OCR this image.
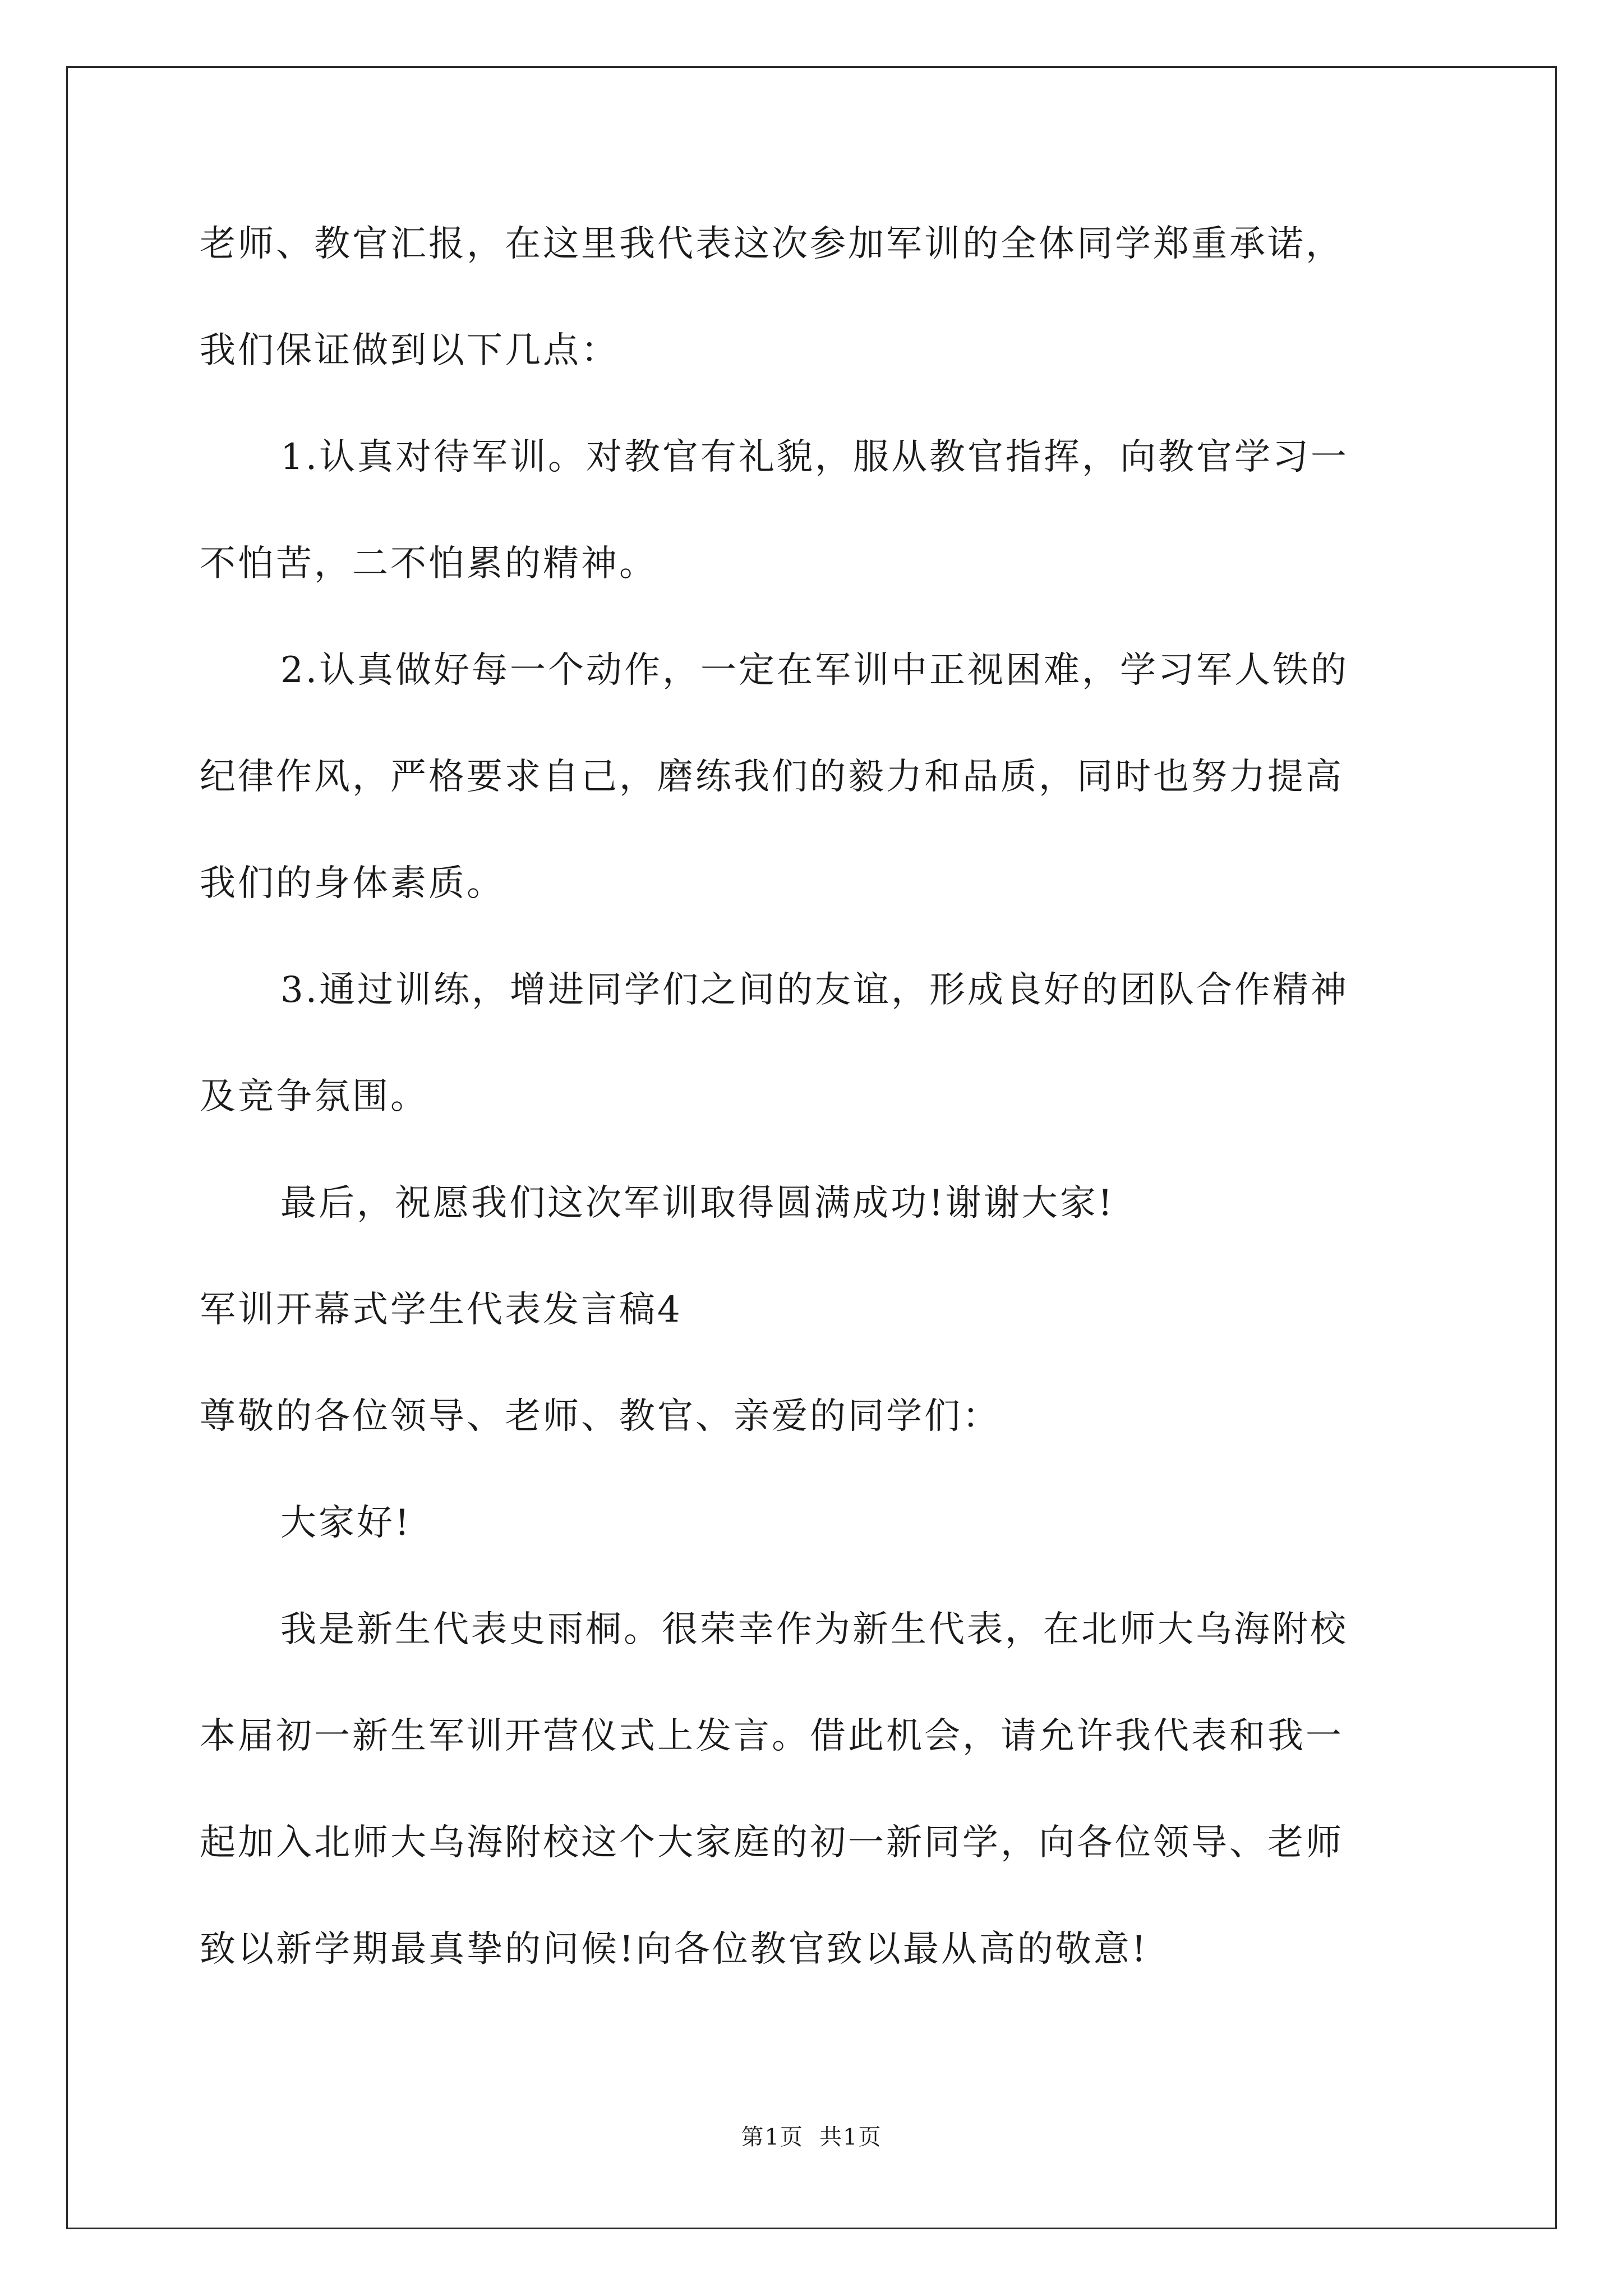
老师、教官汇报，在这里我代表这次参加军训的全体同学郑重承诺，
我们保证做到以下几点：
1.认真对待军训。对教官有礼貌，服从教官指挥，向教官学习一
不怕苦，二不怕累的精神。
2.认真做好每一个动作，一定在军训中正视困难，学习军人铁的
纪律作风，严格要求自己，磨练我们的毅力和品质，同时也努力提高
我们的身体素质。
3.通过训练，增进同学们之间的友谊，形成良好的团队合作精神
及竞争氛围。
最后，祝愿我们这次军训取得圆满成功!谢谢大家!
军训开幕式学生代表发言稿4
尊敬的各位领导、老师、教官、亲爱的同学们：
大家好!
我是新生代表史雨桐。很荣幸作为新生代表，在北师大乌海附校
本届初一新生军训开营仪式上发言。借此机会，请允许我代表和我一
起加入北师大乌海附校这个大家庭的初一新同学，向各位领导、老师
致以新学期最真挚的问候!向各位教官致以最从高的敬意!
第1页 共1页
